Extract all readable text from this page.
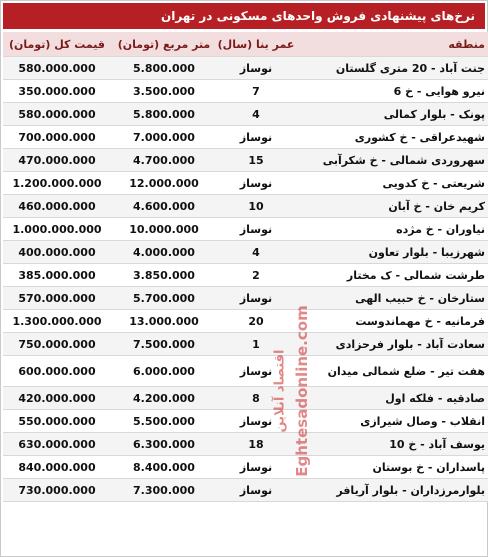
نرخ‌های پیشنهادی فروش واحدهای مسکونی در تهران
منطقه	عمر بنا (سال)	متر مربع (تومان)	قیمت کل (تومان)
جنت آباد - 20 متری گلستان	نوساز	5.800.000	580.000.000
نیرو هوایی - خ 6	7	3.500.000	350.000.000
پونک - بلوار کمالی	4	5.800.000	580.000.000
شهیدعراقی - خ کشوری	نوساز	7.000.000	700.000.000
سهروردی شمالی - خ شکرآبی	15	4.700.000	470.000.000
شریعتی - خ کدویی	نوساز	12.000.000	1.200.000.000
کریم خان - خ آبان	10	4.600.000	460.000.000
نیاوران - خ مژده	نوساز	10.000.000	1.000.000.000
شهرزیبا - بلوار تعاون	4	4.000.000	400.000.000
طرشت شمالی - ک مختار	2	3.850.000	385.000.000
ستارخان - خ حبیب الهی	نوساز	5.700.000	570.000.000
فرمانیه - خ مهماندوست	20	13.000.000	1.300.000.000
سعادت آباد - بلوار فرحزادی	1	7.500.000	750.000.000
هفت تیر - ضلع شمالی میدان	نوساز	6.000.000	600.000.000
صادقیه - فلکه اول	8	4.200.000	420.000.000
انقلاب - وصال شیرازی	نوساز	5.500.000	550.000.000
یوسف آباد - خ 10	18	6.300.000	630.000.000
پاسداران - خ بوستان	نوساز	8.400.000	840.000.000
بلوارمرزداران - بلوار آریافر	نوساز	7.300.000	730.000.000
اقتصاد آنلاین Eghtesadonline.com
